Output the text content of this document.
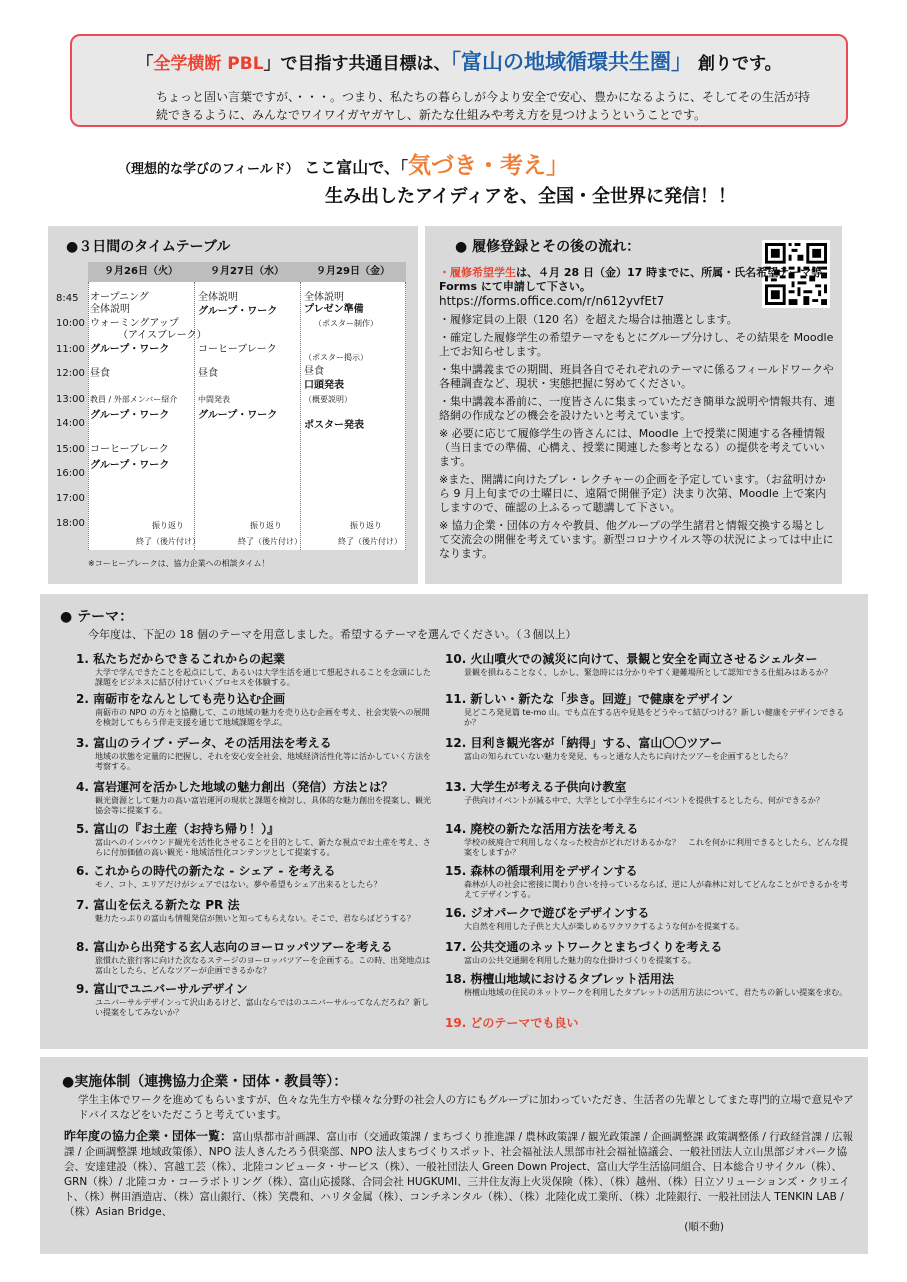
「全学横断 PBL」で目指す共通目標は、「富山の地域循環共生圏」 創りです。
ちょっと固い言葉ですが、・・・。つまり、私たちの暮らしが今より安全で安心、豊かになるように、そしてその生活が持続できるように、みんなでワイワイガヤガヤし、新たな仕組みや考え方を見つけようということです。
（理想的な学びのフィールド） ここ富山で、「気づき・考え」
生み出したアイディアを、全国・全世界に発信！！
●３日間のタイムテーブル
９月26日（火）	９月27日（水）	９月29日（金）
オープニング
全体説明
ウォーミングアップ
（アイスブレーク）
グループ・ワーク
昼食
教員 / 外部メンバー紹介
グループ・ワーク
コーヒーブレーク
グループ・ワーク
振り返り
終了（後片付け）
全体説明
グループ・ワーク
コーヒーブレーク
昼食
中間発表
グループ・ワーク
振り返り
終了（後片付け）
全体説明
プレゼン準備
（ポスター制作）
（ポスター掲示）
昼食
口頭発表
（概要説明）
ポスター発表
振り返り
終了（後片付け）
8:45
10:00
11:00
12:00
13:00
14:00
15:00
16:00
17:00
18:00
※コーヒーブレークは、協力企業への相談タイム！
● 履修登録とその後の流れ：

・履修希望学生は、４月 28 日（金）17 時までに、所属・氏名希望テーマ等、Forms にて申請して下さい。
https://forms.office.com/r/n612yvfEt7

・履修定員の上限（120 名）を超えた場合は抽選とします。

・確定した履修学生の希望テーマをもとにグループ分けし、その結果を Moodle 上でお知らせします。

・集中講義までの期間、班員各自でそれぞれのテーマに係るフィールドワークや各種調査など、現状・実態把握に努めてください。

・集中講義本番前に、一度皆さんに集まっていただき簡単な説明や情報共有、連絡網の作成などの機会を設けたいと考えています。

※ 必要に応じて履修学生の皆さんには、Moodle 上で授業に関連する各種情報（当日までの準備、心構え、授業に関連した参考となる）の提供を考えていいます。

※また、開講に向けたプレ・レクチャーの企画を予定しています。（お盆明けから 9 月上旬までの土曜日に、遠隔で開催予定）決まり次第、Moodle 上で案内しますので、確認の上ふるって聴講して下さい。

※ 協力企業・団体の方々や教員、他グループの学生諸君と情報交換する場として交流会の開催を考えています。新型コロナウイルス等の状況によっては中止になります。

● テーマ：
今年度は、下記の 18 個のテーマを用意しました。希望するテーマを選んでください。（３個以上）
1. 私たちだからできるこれからの起業
大学で学んできたことを起点にして、あるいは大学生活を通じて想起されることを念頭にした課題をビジネスに結び付けていくプロセスを体験する。
2. 南砺市をなんとしても売り込む企画
南砺市の NPO の方々と協働して、この地域の魅力を売り込む企画を考え、社会実装への展開を検討してもらう伴走支援を通じて地域課題を学ぶ。
3. 富山のライブ・データ、その活用法を考える
地域の状態を定量的に把握し、それを安心安全社会、地域経済活性化等に活かしていく方法を考察する。
4. 富岩運河を活かした地域の魅力創出（発信）方法とは？
観光資源として魅力の高い富岩運河の現状と課題を検討し、具体的な魅力創出を提案し、観光協会等に提案する。
5. 富山の『お土産（お持ち帰り！）』
富山へのインバウンド観光を活性化させることを目的として、新たな視点でお土産を考え、さらに付加価値の高い観光・地域活性化コンテンツとして提案する。
6. これからの時代の新たな - シェア - を考える
モノ、コト、エリアだけがシェアではない。夢や希望もシェア出来るとしたら？
7. 富山を伝える新たな PR 法
魅力たっぷりの富山も情報発信が無いと知ってもらえない。そこで、君ならばどうする？
8. 富山から出発する玄人志向のヨーロッパツアーを考える
旅慣れた旅行客に向けた次なるステージのヨーロッパツアーを企画する。この時、出発地点は富山としたら、どんなツアーが企画できるかな？
9. 富山でユニバーサルデザイン
ユニバーサルデザインって沢山あるけど、富山ならではのユニバーサルってなんだろね？新しい提案をしてみないか？
10. 火山噴火での減災に向けて、景観と安全を両立させるシェルター
景観を損ねることなく、しかし、緊急時には分かりやすく避難場所として認知できる仕組みはあるか？
11. 新しい・新たな「歩き。回遊」で健康をデザイン
見どころ発見篇 te-mo 山。でも点在する店や見処をどうやって結びつける？新しい健康をデザインできるか？
12. 目利き観光客が「納得」する、富山〇〇ツアー
富山の知られていない魅力を発見、もっと通な人たちに向けたツアーを企画するとしたら？
13. 大学生が考える子供向け教室
子供向けイベントが減る中で、大学として小学生らにイベントを提供するとしたら、何ができるか？
14. 廃校の新たな活用方法を考える
学校の統廃合で利用しなくなった校舎がどれだけあるかな？　これを何かに利用できるとしたら、どんな提案をしますか？
15. 森林の循環利用をデザインする
森林が人の社会に密接に関わり合いを持っているならば、逆に人が森林に対してどんなことができるかを考えてデザインする。
16. ジオパークで遊びをデザインする
大自然を利用した子供と大人が楽しめるワクワクするような何かを提案する。
17. 公共交通のネットワークとまちづくりを考える
富山の公共交通網を利用した魅力的な仕掛けづくりを提案する。
18. 栴檀山地域におけるタブレット活用法
栴檀山地域の住民のネットワークを利用したタブレットの活用方法について、君たちの新しい提案を求む。
19. どのテーマでも良い
●実施体制（連携協力企業・団体・教員等）：
学生主体でワークを進めてもらいますが、色々な先生方や様々な分野の社会人の方にもグループに加わっていただき、生活者の先輩としてまた専門的立場で意見やアドバイスなどをいただこうと考えています。
昨年度の協力企業・団体一覧：富山県都市計画課、富山市（交通政策課 / まちづくり推進課 / 農林政策課 / 観光政策課 / 企画調整課 政策調整係 / 行政経営課 / 広報課 / 企画調整課 地域政策係）、NPO 法人きんたろう倶楽部、NPO 法人まちづくりスポット、社会福祉法人黒部市社会福祉協議会、一般社団法人立山黒部ジオパーク協会、安達建設（株）、宮越工芸（株）、北陸コンピュータ・サービス（株）、一般社団法人 Green Down Project、富山大学生活協同組合、日本総合リサイクル（株）、GRN（株）/ 北陸コカ・コーラボトリング（株）、富山応援隊、合同会社 HUGKUMI、三井住友海上火災保険（株）、（株）越州、（株）日立ソリューションズ・クリエイト、（株）桝田酒造店、（株）富山銀行、（株）笑農和、ハリタ金属（株）、コンチネンタル（株）、（株）北陸化成工業所、（株）北陸銀行、一般社団法人 TENKIN LAB /（株）Asian Bridge、
(順不動)
